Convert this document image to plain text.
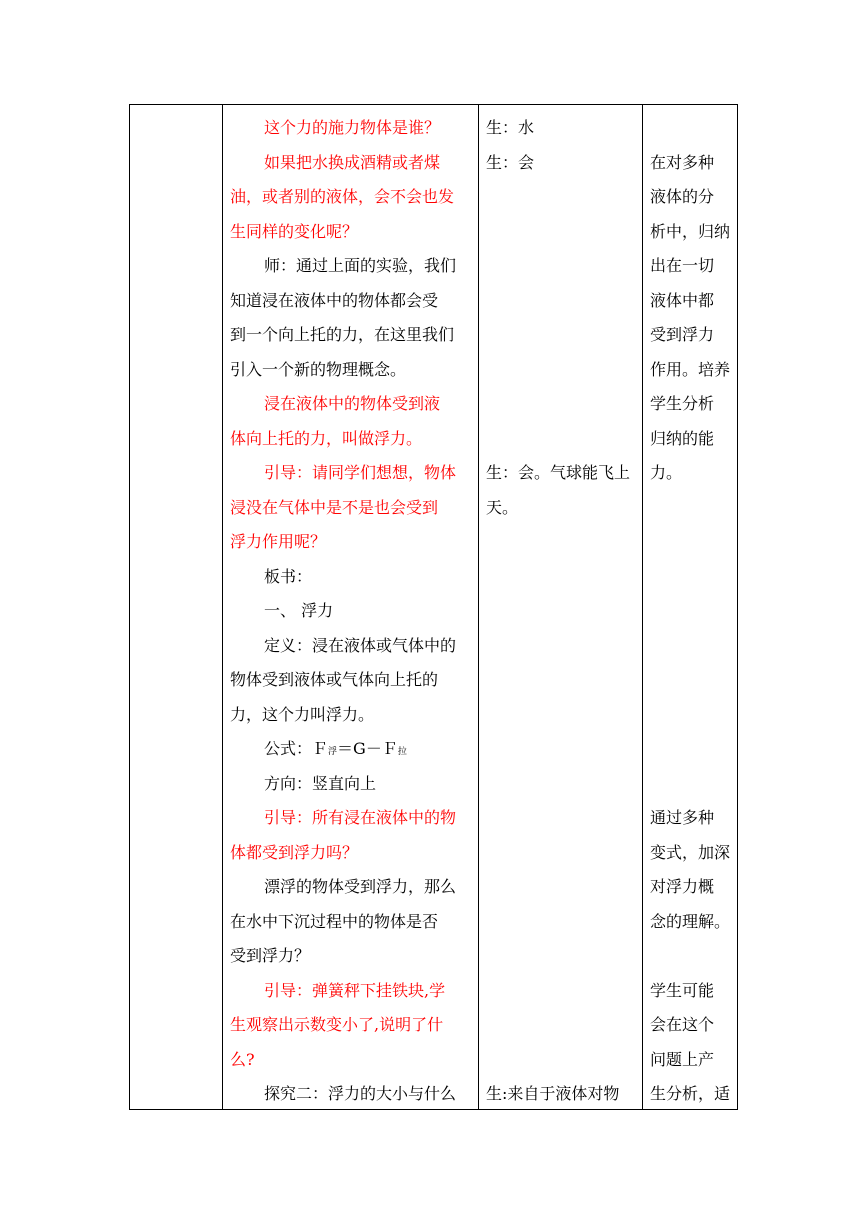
这个力的施力物体是谁？
如果把水换成酒精或者煤
油，或者别的液体，会不会也发
生同样的变化呢？
师：通过上面的实验，我们
知道浸在液体中的物体都会受
到一个向上托的力，在这里我们
引入一个新的物理概念。
浸在液体中的物体受到液
体向上托的力，叫做浮力。
引导：请同学们想想，物体
浸没在气体中是不是也会受到
浮力作用呢？
板书：
一、 浮力
定义：浸在液体或气体中的
物体受到液体或气体向上托的
力，这个力叫浮力。
公式：Ｆ浮＝G－Ｆ拉
方向：竖直向上
引导：所有浸在液体中的物
体都受到浮力吗？
漂浮的物体受到浮力，那么
在水中下沉过程中的物体是否
受到浮力？
引导：弹簧秤下挂铁块,学
生观察出示数变小了,说明了什
么?
探究二：浮力的大小与什么
生：水
生：会
生：会。气球能飞上
天。
生:来自于液体对物
在对多种
液体的分
析中，归纳
出在一切
液体中都
受到浮力
作用。培养
学生分析
归纳的能
力。
通过多种
变式，加深
对浮力概
念的理解。
学生可能
会在这个
问题上产
生分析，适
